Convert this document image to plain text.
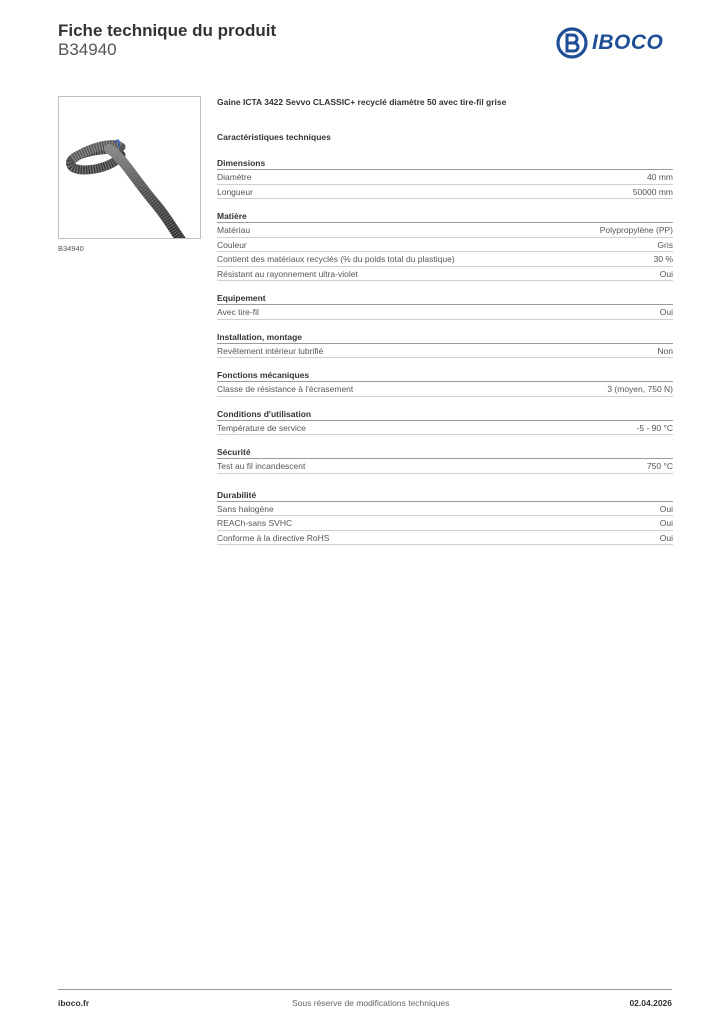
Fiche technique du produit
B34940	IBOCO
B34940
Gaine ICTA 3422 Sevvo CLASSIC+ recyclé diamètre 50 avec tire-fil grise
Caractéristiques techniques
Dimensions
Diamètre	40 mm
Longueur	50000 mm
Matière
Matériau	Polypropylène (PP)
Couleur	Gris
Contient des matériaux recyclés (% du poids total du plastique)	30 %
Résistant au rayonnement ultra-violet	Oui
Equipement
Avec tire-fil	Oui
Installation, montage
Revêtement intérieur lubrifié	Non
Fonctions mécaniques
Classe de résistance à l'écrasement	3 (moyen, 750 N)
Conditions d'utilisation
Température de service	-5 - 90 °C
Sécurité
Test au fil incandescent	750 °C
Durabilité
Sans halogène	Oui
REACh-sans SVHC	Oui
Conforme à la directive RoHS	Oui
iboco.fr	Sous réserve de modifications techniques	02.04.2026
